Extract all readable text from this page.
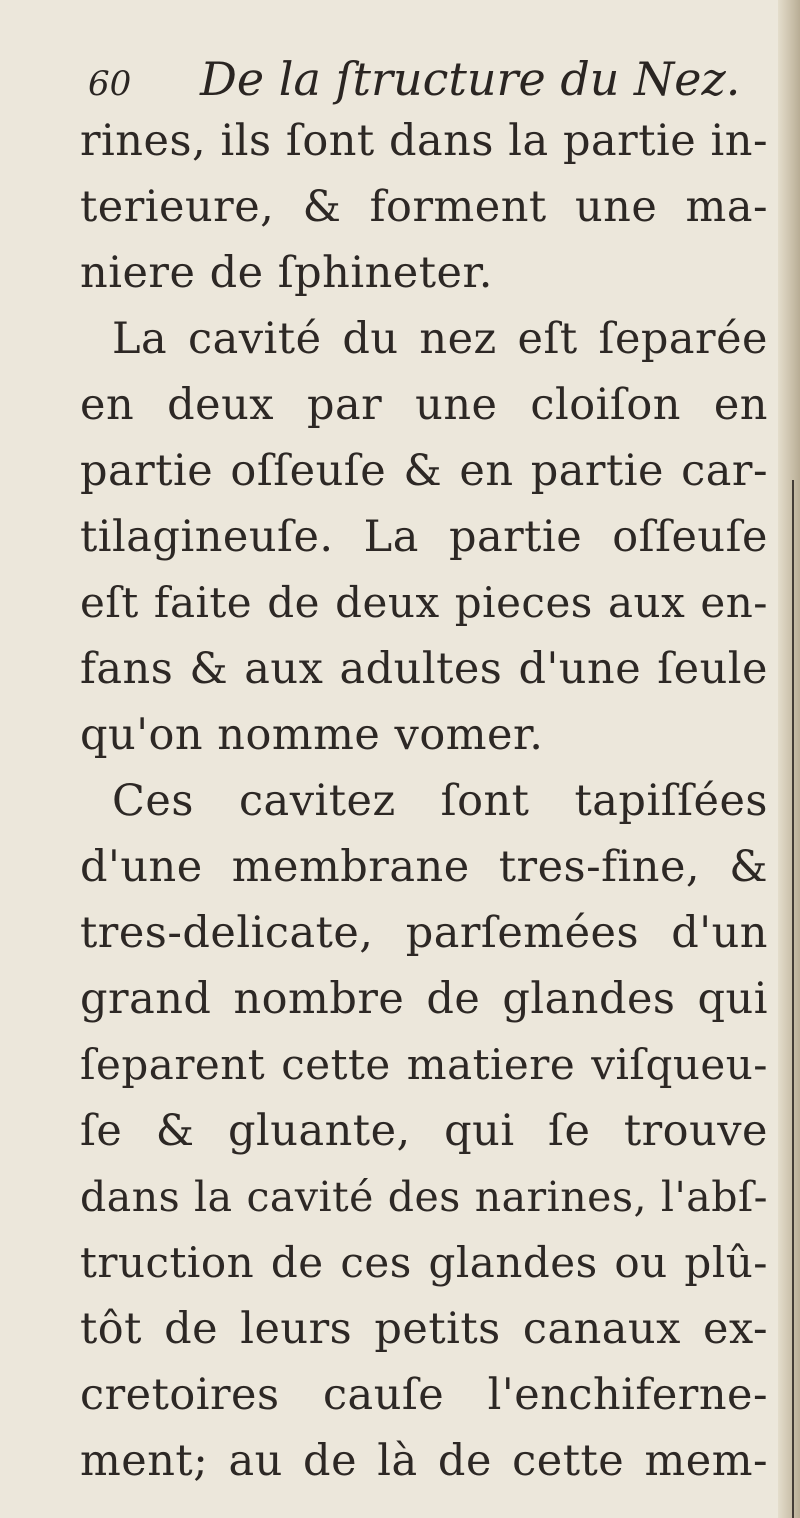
60 De la ſtructure du Nez.
rines, ils ſont dans la partie in-
terieure, & forment une ma-
niere de ſphineter.
La cavité du nez eſt ſeparée
en deux par une cloiſon en
partie oſſeuſe & en partie car-
tilagineuſe. La partie oſſeuſe
eſt faite de deux pieces aux en-
fans & aux adultes d'une ſeule
qu'on nomme vomer.
Ces cavitez ſont tapiſſées
d'une membrane tres-fine, &
tres-delicate, parſemées d'un
grand nombre de glandes qui
ſeparent cette matiere viſqueu-
ſe & gluante, qui ſe trouve
dans la cavité des narines, l'abſ-
truction de ces glandes ou plû-
tôt de leurs petits canaux ex-
cretoires cauſe l'enchiferne-
ment; au de là de cette mem-
